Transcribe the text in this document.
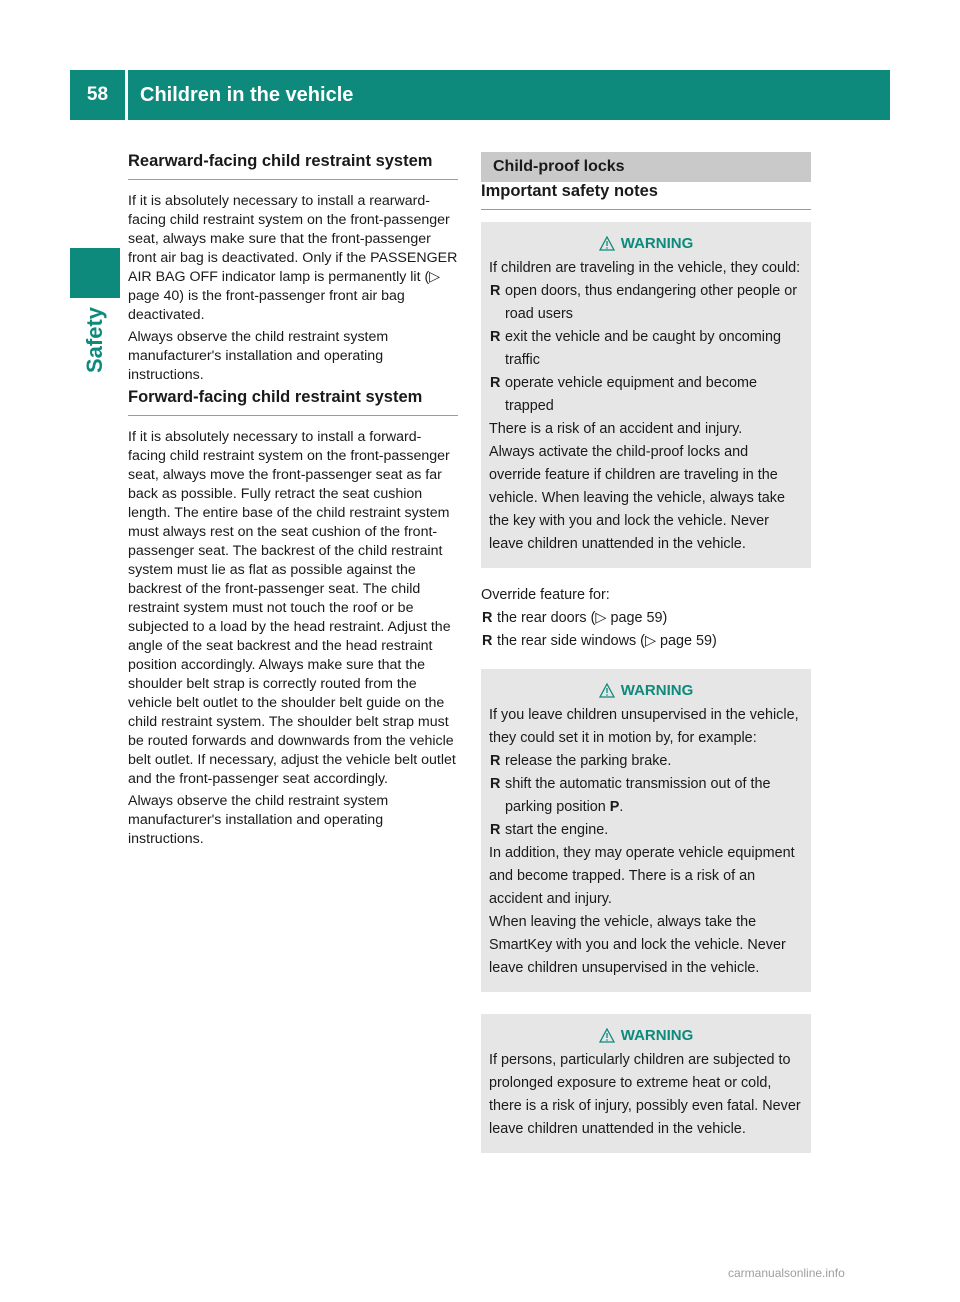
58	Children in the vehicle
Safety
Rearward-facing child restraint system

If it is absolutely necessary to install a rearward-facing child restraint system on the front-passenger seat, always make sure that the front-passenger front air bag is deactivated. Only if the PASSENGER AIR BAG OFF indicator lamp is permanently lit (▷ page 40) is the front-passenger front air bag deactivated.

Always observe the child restraint system manufacturer's installation and operating instructions.

Forward-facing child restraint system

If it is absolutely necessary to install a forward-facing child restraint system on the front-passenger seat, always move the front-passenger seat as far back as possible. Fully retract the seat cushion length. The entire base of the child restraint system must always rest on the seat cushion of the front-passenger seat. The backrest of the child restraint system must lie as flat as possible against the backrest of the front-passenger seat. The child restraint system must not touch the roof or be subjected to a load by the head restraint. Adjust the angle of the seat backrest and the head restraint position accordingly. Always make sure that the shoulder belt strap is correctly routed from the vehicle belt outlet to the shoulder belt guide on the child restraint system. The shoulder belt strap must be routed forwards and downwards from the vehicle belt outlet. If necessary, adjust the vehicle belt outlet and the front-passenger seat accordingly.

Always observe the child restraint system manufacturer's installation and operating instructions.

Child-proof locks
Important safety notes
WARNING

If children are traveling in the vehicle, they could:

R open doors, thus endangering other people or road users
R exit the vehicle and be caught by oncoming traffic
R operate vehicle equipment and become trapped

There is a risk of an accident and injury.

Always activate the child-proof locks and override feature if children are traveling in the vehicle. When leaving the vehicle, always take the key with you and lock the vehicle. Never leave children unattended in the vehicle.

Override feature for:
R the rear doors (▷ page 59)
R the rear side windows (▷ page 59)
WARNING

If you leave children unsupervised in the vehicle, they could set it in motion by, for example:

R release the parking brake.
R shift the automatic transmission out of the parking position P.
R start the engine.

In addition, they may operate vehicle equipment and become trapped. There is a risk of an accident and injury.

When leaving the vehicle, always take the SmartKey with you and lock the vehicle. Never leave children unsupervised in the vehicle.

WARNING

If persons, particularly children are subjected to prolonged exposure to extreme heat or cold, there is a risk of injury, possibly even fatal. Never leave children unattended in the vehicle.

carmanualsonline.info
